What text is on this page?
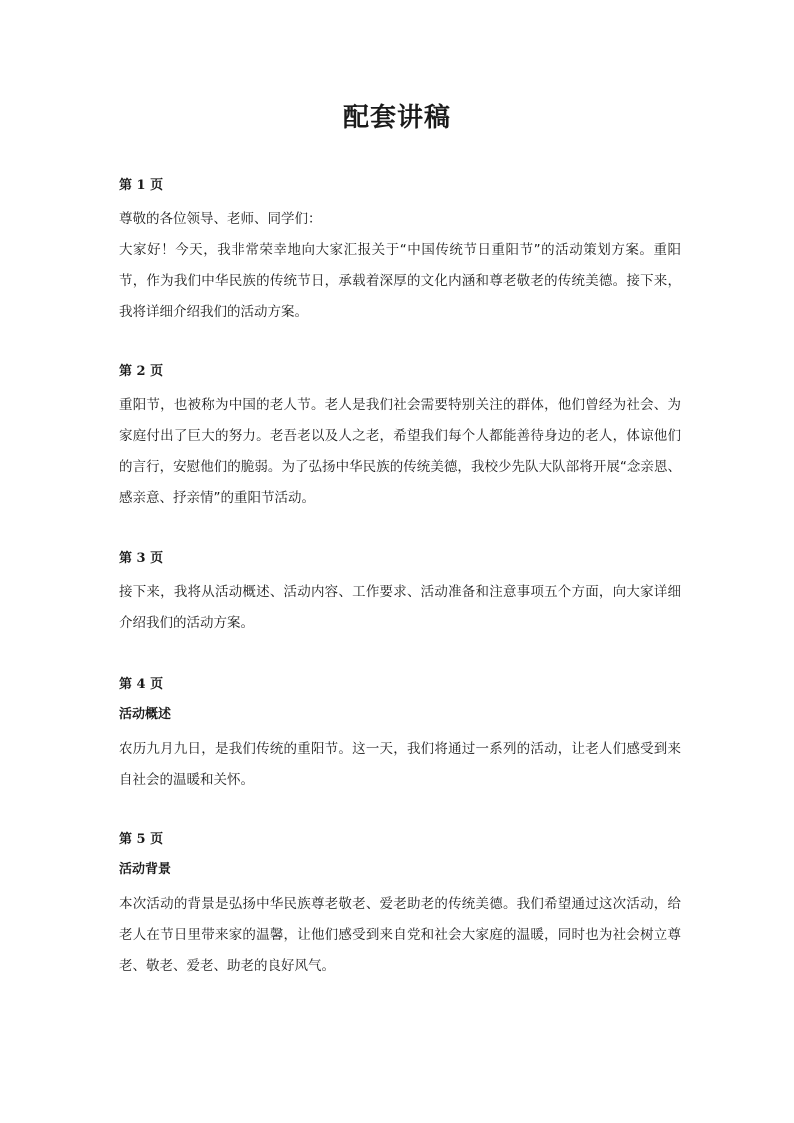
配套讲稿
第 1 页
尊敬的各位领导、老师、同学们：
大家好！今天，我非常荣幸地向大家汇报关于“中国传统节日重阳节”的活动策划方案。重阳节，作为我们中华民族的传统节日，承载着深厚的文化内涵和尊老敬老的传统美德。接下来，我将详细介绍我们的活动方案。
第 2 页
重阳节，也被称为中国的老人节。老人是我们社会需要特别关注的群体，他们曾经为社会、为家庭付出了巨大的努力。老吾老以及人之老，希望我们每个人都能善待身边的老人，体谅他们的言行，安慰他们的脆弱。为了弘扬中华民族的传统美德，我校少先队大队部将开展“念亲恩、感亲意、抒亲情”的重阳节活动。
第 3 页
接下来，我将从活动概述、活动内容、工作要求、活动准备和注意事项五个方面，向大家详细介绍我们的活动方案。
第 4 页
活动概述
农历九月九日，是我们传统的重阳节。这一天，我们将通过一系列的活动，让老人们感受到来自社会的温暖和关怀。
第 5 页
活动背景
本次活动的背景是弘扬中华民族尊老敬老、爱老助老的传统美德。我们希望通过这次活动，给老人在节日里带来家的温馨，让他们感受到来自党和社会大家庭的温暖，同时也为社会树立尊老、敬老、爱老、助老的良好风气。
